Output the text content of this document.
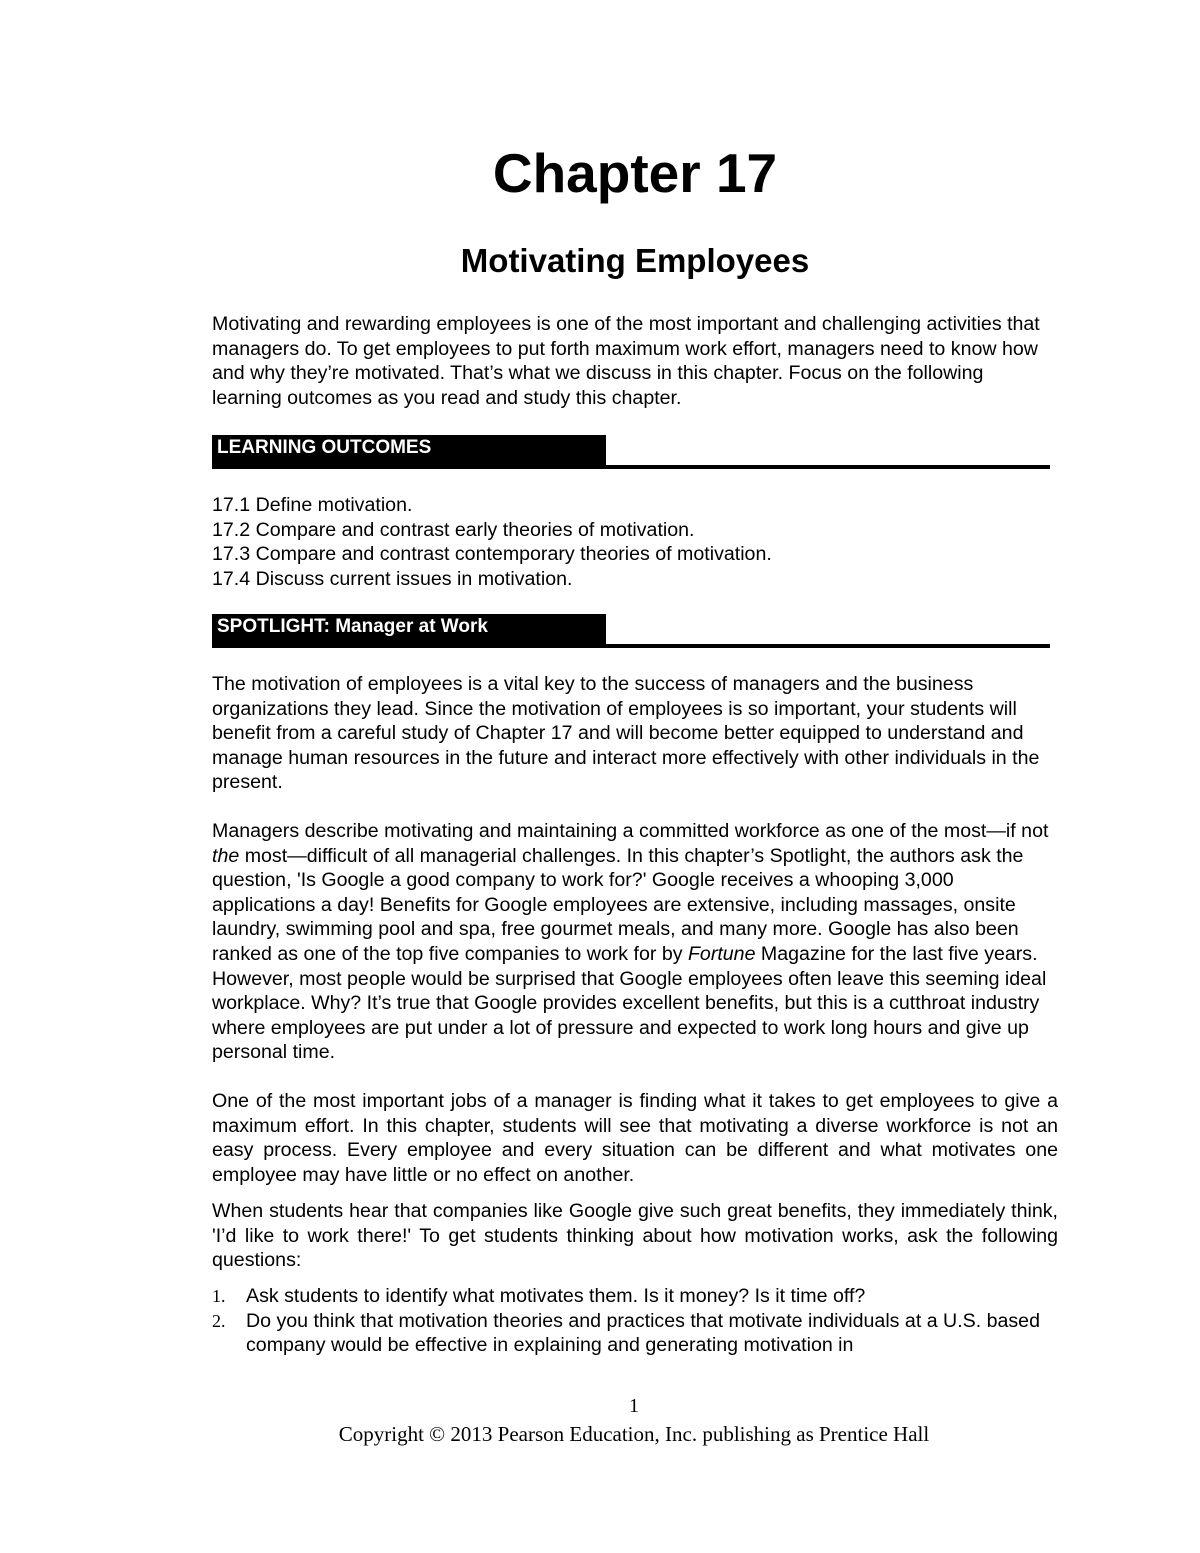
Chapter 17
Motivating Employees

Motivating and rewarding employees is one of the most important and challenging activities that managers do. To get employees to put forth maximum work effort, managers need to know how and why they’re motivated. That’s what we discuss in this chapter. Focus on the following learning outcomes as you read and study this chapter.

LEARNING OUTCOMES

17.1 Define motivation.

17.2 Compare and contrast early theories of motivation.

17.3 Compare and contrast contemporary theories of motivation.

17.4 Discuss current issues in motivation.

SPOTLIGHT: Manager at Work

The motivation of employees is a vital key to the success of managers and the business organizations they lead. Since the motivation of employees is so important, your students will benefit from a careful study of Chapter 17 and will become better equipped to understand and manage human resources in the future and interact more effectively with other individuals in the present.

Managers describe motivating and maintaining a committed workforce as one of the most—if not the most—difficult of all managerial challenges. In this chapter’s Spotlight, the authors ask the question, 'Is Google a good company to work for?' Google receives a whooping 3,000 applications a day! Benefits for Google employees are extensive, including massages, onsite laundry, swimming pool and spa, free gourmet meals, and many more. Google has also been ranked as one of the top five companies to work for by Fortune Magazine for the last five years. However, most people would be surprised that Google employees often leave this seeming ideal workplace. Why? It’s true that Google provides excellent benefits, but this is a cutthroat industry where employees are put under a lot of pressure and expected to work long hours and give up personal time.

One of the most important jobs of a manager is finding what it takes to get employees to give a maximum effort. In this chapter, students will see that motivating a diverse workforce is not an easy process. Every employee and every situation can be different and what motivates one employee may have little or no effect on another.

When students hear that companies like Google give such great benefits, they immediately think, 'I’d like to work there!' To get students thinking about how motivation works, ask the following questions:

1. Ask students to identify what motivates them. Is it money? Is it time off?
2. Do you think that motivation theories and practices that motivate individuals at a U.S. based company would be effective in explaining and generating motivation in

1

Copyright © 2013 Pearson Education, Inc. publishing as Prentice Hall
